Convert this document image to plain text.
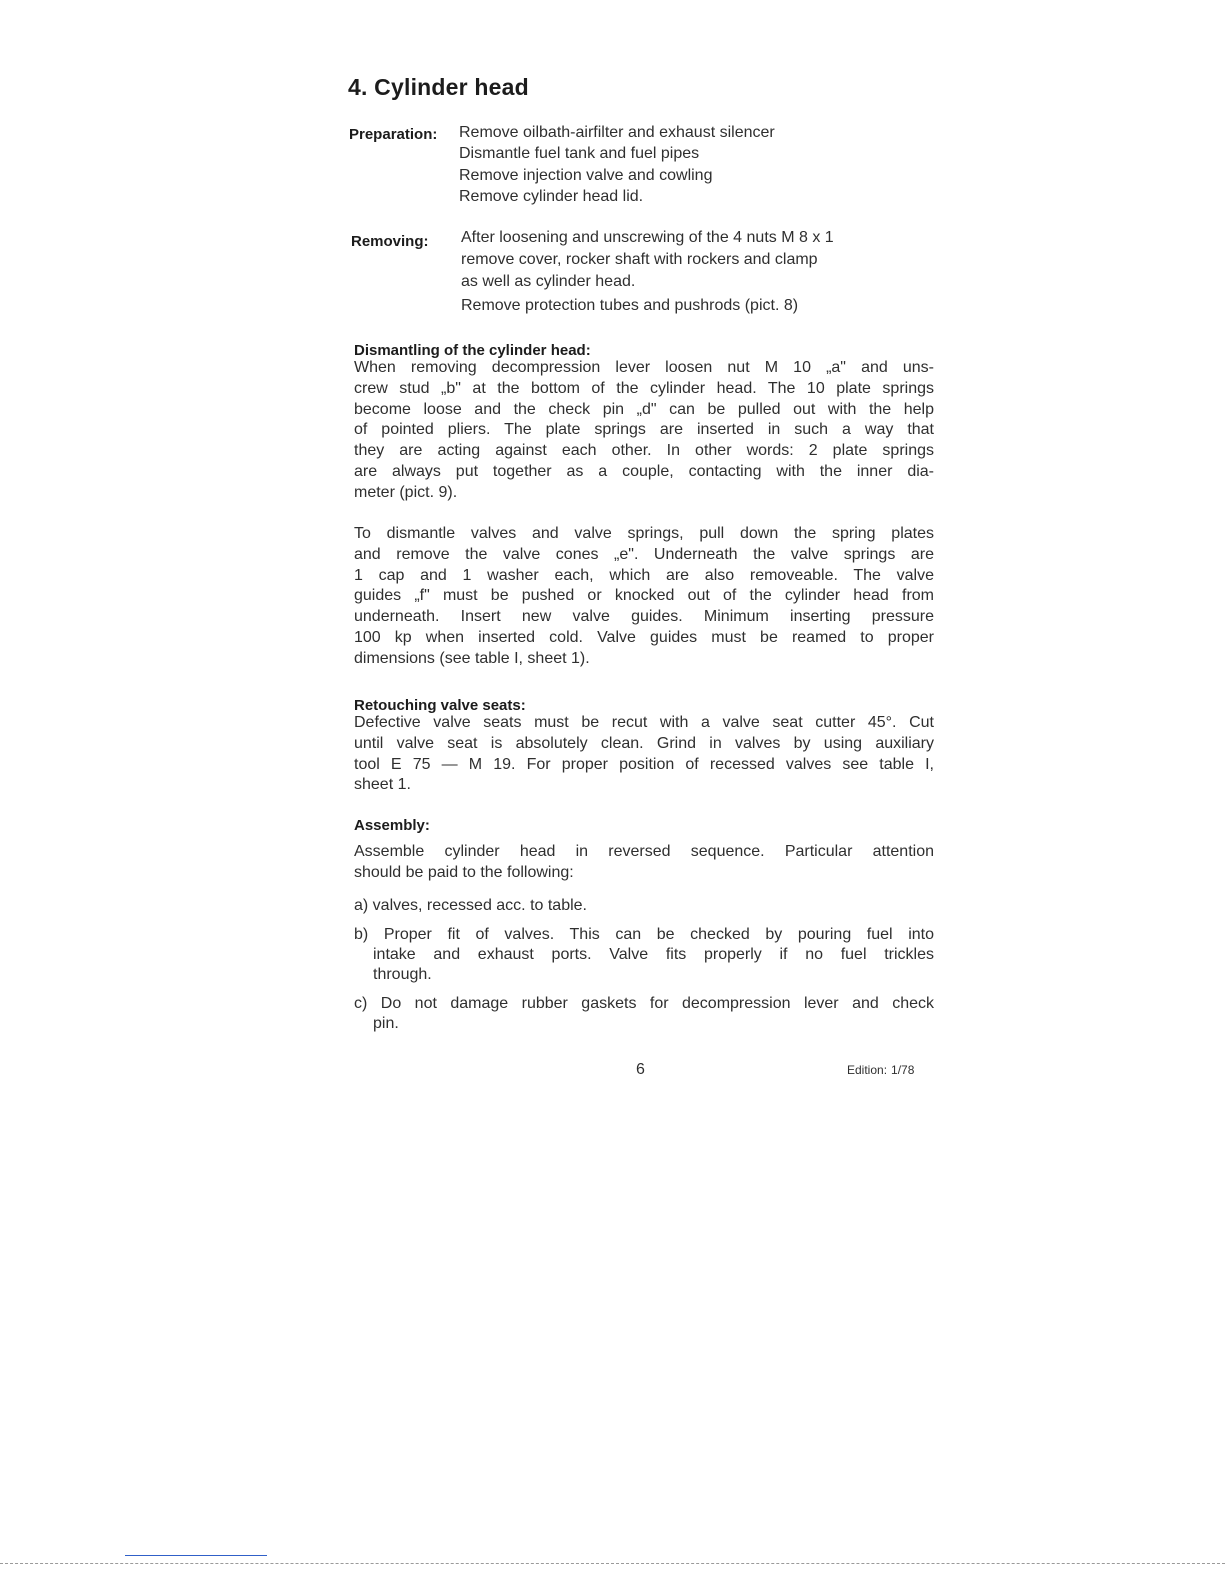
4. Cylinder head
Preparation: Remove oilbath-airfilter and exhaust silencer
Dismantle fuel tank and fuel pipes
Remove injection valve and cowling
Remove cylinder head lid.
Removing: After loosening and unscrewing of the 4 nuts M 8 x 1
remove cover, rocker shaft with rockers and clamp
as well as cylinder head.
Remove protection tubes and pushrods (pict. 8)
Dismantling of the cylinder head:
When removing decompression lever loosen nut M 10 „a" and uns-
crew stud „b" at the bottom of the cylinder head. The 10 plate springs
become loose and the check pin „d" can be pulled out with the help
of pointed pliers. The plate springs are inserted in such a way that
they are acting against each other. In other words: 2 plate springs
are always put together as a couple, contacting with the inner dia-
meter (pict. 9).
To dismantle valves and valve springs, pull down the spring plates
and remove the valve cones „e". Underneath the valve springs are
1 cap and 1 washer each, which are also removeable. The valve
guides „f" must be pushed or knocked out of the cylinder head from
underneath. Insert new valve guides. Minimum inserting pressure
100 kp when inserted cold. Valve guides must be reamed to proper
dimensions (see table I, sheet 1).
Retouching valve seats:
Defective valve seats must be recut with a valve seat cutter 45°. Cut
until valve seat is absolutely clean. Grind in valves by using auxiliary
tool E 75 — M 19. For proper position of recessed valves see table I,
sheet 1.
Assembly:
Assemble cylinder head in reversed sequence. Particular attention
should be paid to the following:
a) valves, recessed acc. to table.
b) Proper fit of valves. This can be checked by pouring fuel into
intake and exhaust ports. Valve fits properly if no fuel trickles
through.
c) Do not damage rubber gaskets for decompression lever and check
pin.
6	Edition: 1/78
